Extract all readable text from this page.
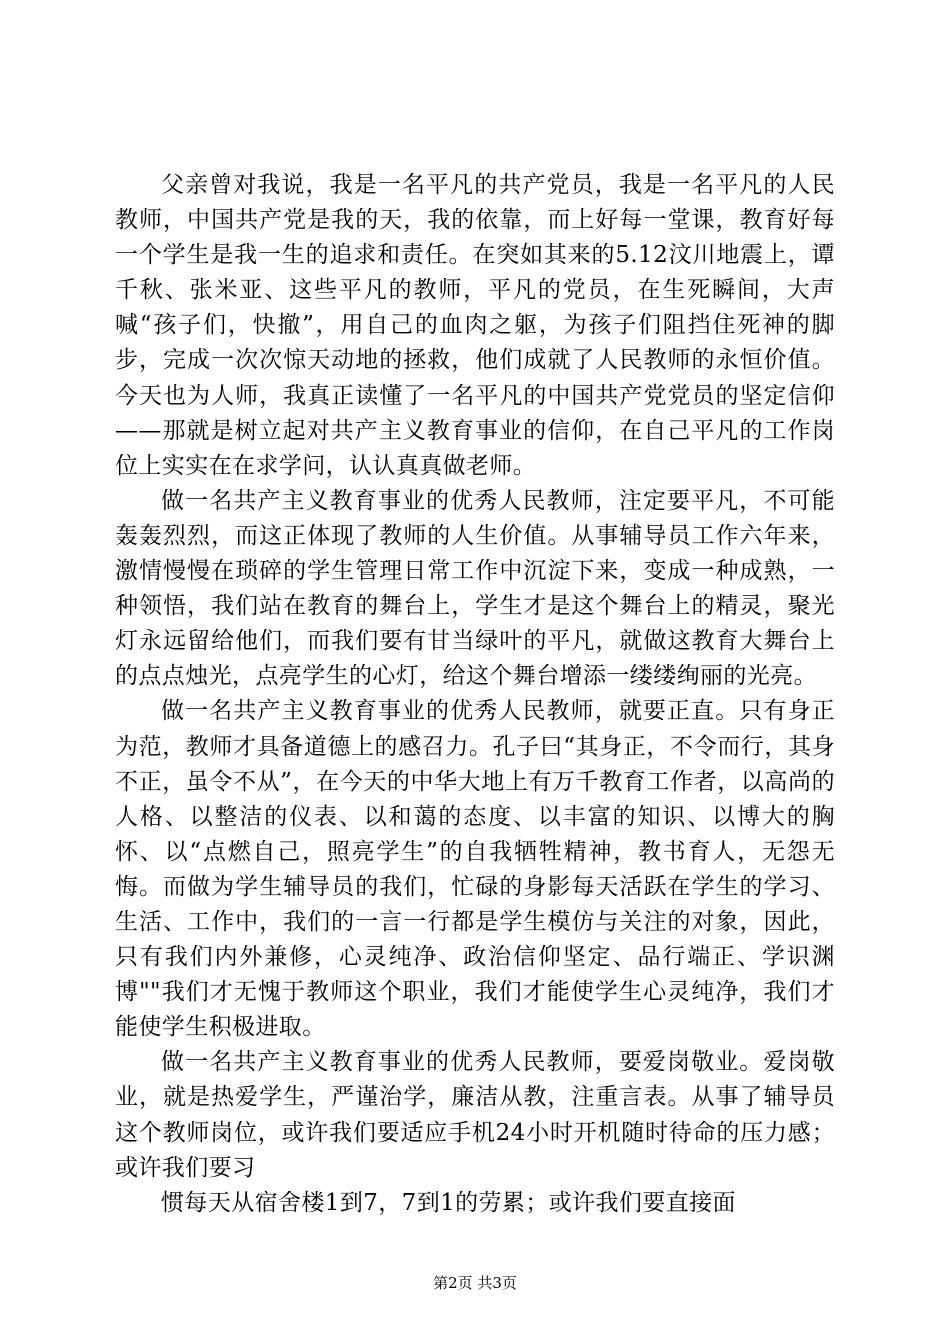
父亲曾对我说，我是一名平凡的共产党员，我是一名平凡的人民教师，中国共产党是我的天，我的依靠，而上好每一堂课，教育好每一个学生是我一生的追求和责任。在突如其来的5.12汶川地震上，谭千秋、张米亚、这些平凡的教师，平凡的党员，在生死瞬间，大声喊“孩子们，快撤”，用自己的血肉之躯，为孩子们阻挡住死神的脚步，完成一次次惊天动地的拯救，他们成就了人民教师的永恒价值。今天也为人师，我真正读懂了一名平凡的中国共产党党员的坚定信仰——那就是树立起对共产主义教育事业的信仰，在自己平凡的工作岗位上实实在在求学问，认认真真做老师。

做一名共产主义教育事业的优秀人民教师，注定要平凡，不可能轰轰烈烈，而这正体现了教师的人生价值。从事辅导员工作六年来，激情慢慢在琐碎的学生管理日常工作中沉淀下来，变成一种成熟，一种领悟，我们站在教育的舞台上，学生才是这个舞台上的精灵，聚光灯永远留给他们，而我们要有甘当绿叶的平凡，就做这教育大舞台上的点点烛光，点亮学生的心灯，给这个舞台增添一缕缕绚丽的光亮。

做一名共产主义教育事业的优秀人民教师，就要正直。只有身正为范，教师才具备道德上的感召力。孔子曰“其身正，不令而行，其身不正，虽令不从”，在今天的中华大地上有万千教育工作者，以高尚的人格、以整洁的仪表、以和蔼的态度、以丰富的知识、以博大的胸怀、以“点燃自己，照亮学生”的自我牺牲精神，教书育人，无怨无悔。而做为学生辅导员的我们，忙碌的身影每天活跃在学生的学习、生活、工作中，我们的一言一行都是学生模仿与关注的对象，因此，只有我们内外兼修，心灵纯净、政治信仰坚定、品行端正、学识渊博""我们才无愧于教师这个职业，我们才能使学生心灵纯净，我们才能使学生积极进取。

做一名共产主义教育事业的优秀人民教师，要爱岗敬业。爱岗敬业，就是热爱学生，严谨治学，廉洁从教，注重言表。从事了辅导员这个教师岗位，或许我们要适应手机24小时开机随时待命的压力感；或许我们要习

惯每天从宿舍楼1到7，7到1的劳累；或许我们要直接面

第2页 共3页
